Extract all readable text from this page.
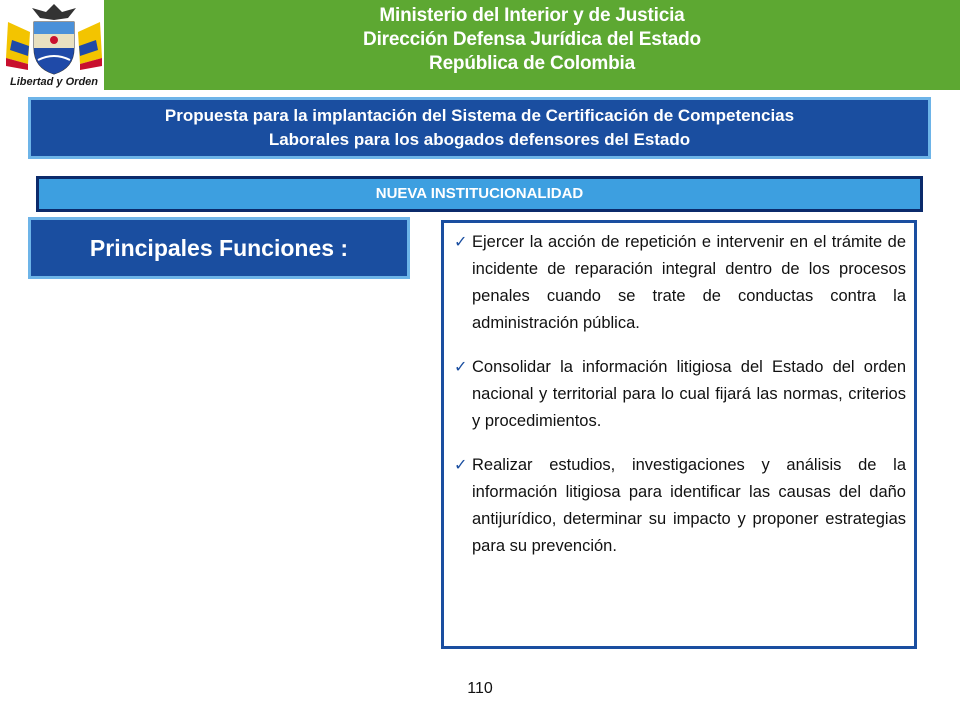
Libertad y Orden
Ministerio del Interior y de Justicia
Dirección Defensa Jurídica del Estado
República de Colombia
Propuesta para la implantación del Sistema de Certificación de Competencias
Laborales para los abogados defensores del Estado
NUEVA INSTITUCIONALIDAD
Principales Funciones :	✓ Ejercer la acción de repetición e intervenir en el trámite de incidente de reparación integral dentro de los procesos penales cuando se trate de conductas contra la administración pública.
✓ Consolidar la información litigiosa del Estado del orden nacional y territorial para lo cual fijará las normas, criterios y procedimientos.
✓ Realizar estudios, investigaciones y análisis de la información litigiosa para identificar las causas del daño antijurídico, determinar su impacto y proponer estrategias para su prevención.
110
